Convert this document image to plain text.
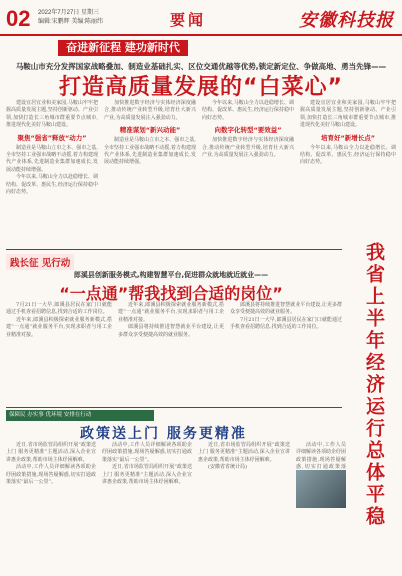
02 2022年7月27日 星期三
编辑:宋鹏辉 美编:陈丽纬	要闻	安徽科技报
奋进新征程 建功新时代
马鞍山市充分发挥国家战略叠加、制造业基础扎实、区位交通优越等优势,锁定新定位、争做高地、勇当先锋——
打造高质量发展的“白菜心”

建设宜居宜业和美家园,马鞍山牢牢把握高质量发展主题,坚持创新驱动、产业引领,加快打造长三角城市群重要节点城市,推进现代化美好马鞍山建设。

聚焦“强省”释放“动力”

制造业是马鞍山立市之本、强市之基,全市坚持工业强市战略不动摇,着力构建现代产业体系,先进制造业集群加速成长,发展动能持续增强。

今年以来,马鞍山全力以赴稳增长、调结构、促改革、惠民生,经济运行保持稳中向好态势。

加快推进数字经济与实体经济深度融合,推动传统产业转型升级,培育壮大新兴产业,为高质量发展注入强劲动力。

精准谋划“新兴动能”

制造业是马鞍山立市之本、强市之基,全市坚持工业强市战略不动摇,着力构建现代产业体系,先进制造业集群加速成长,发展动能持续增强。

今年以来,马鞍山全力以赴稳增长、调结构、促改革、惠民生,经济运行保持稳中向好态势。

向数字化转型“要效益”

加快推进数字经济与实体经济深度融合,推动传统产业转型升级,培育壮大新兴产业,为高质量发展注入强劲动力。

建设宜居宜业和美家园,马鞍山牢牢把握高质量发展主题,坚持创新驱动、产业引领,加快打造长三角城市群重要节点城市,推进现代化美好马鞍山建设。

培育好“新增长点”

今年以来,马鞍山全力以赴稳增长、调结构、促改革、惠民生,经济运行保持稳中向好态势。

践长征 见行动
郎溪县创新服务模式,构建智慧平台,促进群众就地就近就业——
“一点通”帮我找到合适的岗位”

7月21日一大早,郎溪县居民在家门口就能通过手机查看招聘信息,找到合适的工作岗位。

近年来,郎溪县积极探索就业服务新模式,搭建“一点通”就业服务平台,实现求职者与用工企业精准对接。

近年来,郎溪县积极探索就业服务新模式,搭建“一点通”就业服务平台,实现求职者与用工企业精准对接。

郎溪县将持续推进智慧就业平台建设,让更多群众享受便捷高效的就业服务。

郎溪县将持续推进智慧就业平台建设,让更多群众享受便捷高效的就业服务。

7月21日一大早,郎溪县居民在家门口就能通过手机查看招聘信息,找到合适的工作岗位。	我省上半年经济运行总体平稳
保障民 办实事 优环境 安排在行动
政策送上门 服务更精准

近日,省市场监管局组织开展“政策送上门 服务更精准”主题活动,深入企业宣讲惠企政策,帮助市场主体纾困解难。

活动中,工作人员详细解读各项助企纾困政策措施,现场答疑解惑,切实打通政策落实“最后一公里”。

活动中,工作人员详细解读各项助企纾困政策措施,现场答疑解惑,切实打通政策落实“最后一公里”。

近日,省市场监管局组织开展“政策送上门 服务更精准”主题活动,深入企业宣讲惠企政策,帮助市场主体纾困解难。

近日,省市场监管局组织开展“政策送上门 服务更精准”主题活动,深入企业宣讲惠企政策,帮助市场主体纾困解难。

(安徽省省统计局)

活动中,工作人员详细解读各项助企纾困政策措施,现场答疑解惑,切实打通政策落
